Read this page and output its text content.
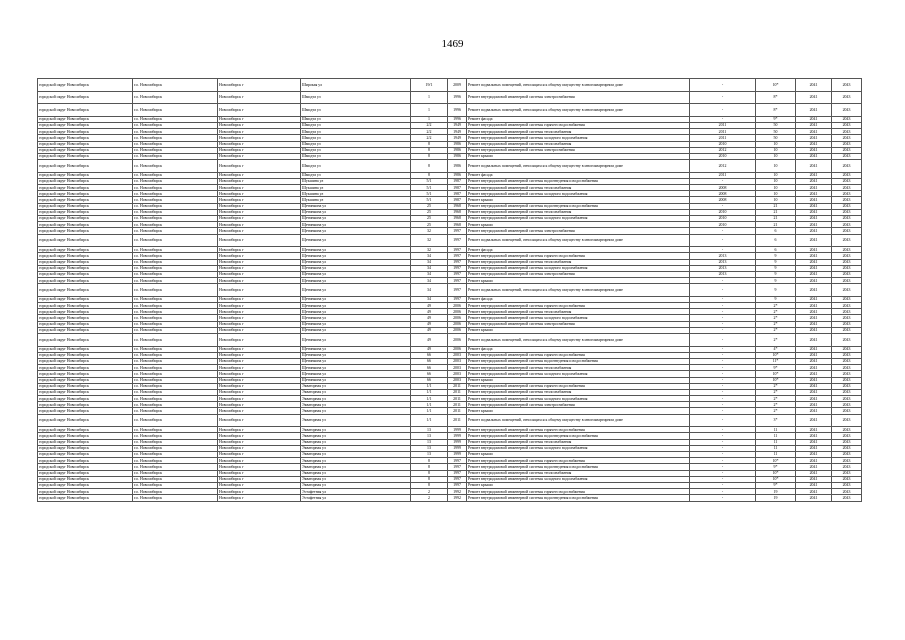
1469
городской округ Новосибирск	г.о. Новосибирск	Новосибирск г	Широкая ул	19/1	2009	Ремонт подвальных помещений, относящихся к общему имуществу в многоквартирном доме	-	10*	2041	2043
городской округ Новосибирск	г.о. Новосибирск	Новосибирск г	Шмидта ул	1	1996	Ремонт внутридомовой инженерной системы электроснабжения	-	8*	2041	2043
городской округ Новосибирск	г.о. Новосибирск	Новосибирск г	Шмидта ул	1	1996	Ремонт подвальных помещений, относящихся к общему имуществу в многоквартирном доме	-	8*	2041	2043
городской округ Новосибирск	г.о. Новосибирск	Новосибирск г	Шмидта ул	1	1996	Ремонт фасада	-	9*	2041	2043
городской округ Новосибирск	г.о. Новосибирск	Новосибирск г	Шмидта ул	2/2	1949	Ремонт внутридомовой инженерной системы горячего водоснабжения	2011	50	2041	2043
городской округ Новосибирск	г.о. Новосибирск	Новосибирск г	Шмидта ул	2/2	1949	Ремонт внутридомовой инженерной системы теплоснабжения	2011	50	2041	2043
городской округ Новосибирск	г.о. Новосибирск	Новосибирск г	Шмидта ул	2/2	1949	Ремонт внутридомовой инженерной системы холодного водоснабжения	2011	50	2041	2043
городской округ Новосибирск	г.о. Новосибирск	Новосибирск г	Шмидта ул	8	1986	Ремонт внутридомовой инженерной системы теплоснабжения	2010	10	2041	2043
городской округ Новосибирск	г.о. Новосибирск	Новосибирск г	Шмидта ул	8	1986	Ремонт внутридомовой инженерной системы электроснабжения	2012	10	2041	2043
городской округ Новосибирск	г.о. Новосибирск	Новосибирск г	Шмидта ул	8	1986	Ремонт крыши	2010	10	2041	2043
городской округ Новосибирск	г.о. Новосибирск	Новосибирск г	Шмидта ул	8	1986	Ремонт подвальных помещений, относящихся к общему имуществу в многоквартирном доме	2012	10	2041	2043
городской округ Новосибирск	г.о. Новосибирск	Новосибирск г	Шмидта ул	8	1986	Ремонт фасада	2011	10	2041	2043
городской округ Новосибирск	г.о. Новосибирск	Новосибирск г	Шукшина ул	5/1	1987	Ремонт внутридомовой инженерной системы водоотведения и водоснабжения	-	10	2041	2043
городской округ Новосибирск	г.о. Новосибирск	Новосибирск г	Шукшина ул	5/1	1987	Ремонт внутридомовой инженерной системы теплоснабжения	2008	10	2041	2043
городской округ Новосибирск	г.о. Новосибирск	Новосибирск г	Шукшина ул	5/1	1987	Ремонт внутридомовой инженерной системы холодного водоснабжения	2008	10	2041	2043
городской округ Новосибирск	г.о. Новосибирск	Новосибирск г	Шукшина ул	5/1	1987	Ремонт крыши	2008	10	2041	2043
городской округ Новосибирск	г.о. Новосибирск	Новосибирск г	Щетинкина ул	25	1968	Ремонт внутридомовой инженерной системы водоотведения и водоснабжения	-	21	2041	2043
городской округ Новосибирск	г.о. Новосибирск	Новосибирск г	Щетинкина ул	25	1968	Ремонт внутридомовой инженерной системы теплоснабжения	2010	21	2041	2043
городской округ Новосибирск	г.о. Новосибирск	Новосибирск г	Щетинкина ул	25	1968	Ремонт внутридомовой инженерной системы холодного водоснабжения	2010	21	2041	2043
городской округ Новосибирск	г.о. Новосибирск	Новосибирск г	Щетинкина ул	25	1968	Ремонт крыши	2010	21	2041	2043
городской округ Новосибирск	г.о. Новосибирск	Новосибирск г	Щетинкина ул	32	1997	Ремонт внутридомовой инженерной системы электроснабжения	-	6	2041	2043
городской округ Новосибирск	г.о. Новосибирск	Новосибирск г	Щетинкина ул	32	1997	Ремонт подвальных помещений, относящихся к общему имуществу в многоквартирном доме	-	6	2041	2043
городской округ Новосибирск	г.о. Новосибирск	Новосибирск г	Щетинкина ул	32	1997	Ремонт фасада	-	6	2041	2043
городской округ Новосибирск	г.о. Новосибирск	Новосибирск г	Щетинкина ул	34	1997	Ремонт внутридомовой инженерной системы горячего водоснабжения	2013	9	2041	2043
городской округ Новосибирск	г.о. Новосибирск	Новосибирск г	Щетинкина ул	34	1997	Ремонт внутридомовой инженерной системы теплоснабжения	2013	9	2041	2043
городской округ Новосибирск	г.о. Новосибирск	Новосибирск г	Щетинкина ул	34	1997	Ремонт внутридомовой инженерной системы холодного водоснабжения	2013	9	2041	2043
городской округ Новосибирск	г.о. Новосибирск	Новосибирск г	Щетинкина ул	34	1997	Ремонт внутридомовой инженерной системы электроснабжения	2013	9	2041	2043
городской округ Новосибирск	г.о. Новосибирск	Новосибирск г	Щетинкина ул	34	1997	Ремонт крыши	-	9	2041	2043
городской округ Новосибирск	г.о. Новосибирск	Новосибирск г	Щетинкина ул	34	1997	Ремонт подвальных помещений, относящихся к общему имуществу в многоквартирном доме	-	9	2041	2043
городской округ Новосибирск	г.о. Новосибирск	Новосибирск г	Щетинкина ул	34	1997	Ремонт фасада	-	9	2041	2043
городской округ Новосибирск	г.о. Новосибирск	Новосибирск г	Щетинкина ул	49	2006	Ремонт внутридомовой инженерной системы горячего водоснабжения	-	2*	2041	2043
городской округ Новосибирск	г.о. Новосибирск	Новосибирск г	Щетинкина ул	49	2006	Ремонт внутридомовой инженерной системы теплоснабжения	-	2*	2041	2043
городской округ Новосибирск	г.о. Новосибирск	Новосибирск г	Щетинкина ул	49	2006	Ремонт внутридомовой инженерной системы холодного водоснабжения	-	2*	2041	2043
городской округ Новосибирск	г.о. Новосибирск	Новосибирск г	Щетинкина ул	49	2006	Ремонт внутридомовой инженерной системы электроснабжения	-	2*	2041	2043
городской округ Новосибирск	г.о. Новосибирск	Новосибирск г	Щетинкина ул	49	2006	Ремонт крыши	-	2*	2041	2043
городской округ Новосибирск	г.о. Новосибирск	Новосибирск г	Щетинкина ул	49	2006	Ремонт подвальных помещений, относящихся к общему имуществу в многоквартирном доме	-	2*	2041	2043
городской округ Новосибирск	г.о. Новосибирск	Новосибирск г	Щетинкина ул	49	2006	Ремонт фасада	-	4*	2041	2043
городской округ Новосибирск	г.о. Новосибирск	Новосибирск г	Щетинкина ул	66	2003	Ремонт внутридомовой инженерной системы горячего водоснабжения	-	10*	2041	2043
городской округ Новосибирск	г.о. Новосибирск	Новосибирск г	Щетинкина ул	66	2003	Ремонт внутридомовой инженерной системы водоотведения и водоснабжения	-	11*	2041	2043
городской округ Новосибирск	г.о. Новосибирск	Новосибирск г	Щетинкина ул	66	2003	Ремонт внутридомовой инженерной системы теплоснабжения	-	9*	2041	2043
городской округ Новосибирск	г.о. Новосибирск	Новосибирск г	Щетинкина ул	66	2003	Ремонт внутридомовой инженерной системы холодного водоснабжения	-	10*	2041	2043
городской округ Новосибирск	г.о. Новосибирск	Новосибирск г	Щетинкина ул	66	2003	Ремонт крыши	-	10*	2041	2043
городской округ Новосибирск	г.о. Новосибирск	Новосибирск г	Экваторная ул	1/1	2011	Ремонт внутридомовой инженерной системы горячего водоснабжения	-	2*	2041	2043
городской округ Новосибирск	г.о. Новосибирск	Новосибирск г	Экваторная ул	1/1	2011	Ремонт внутридомовой инженерной системы теплоснабжения	-	2*	2041	2043
городской округ Новосибирск	г.о. Новосибирск	Новосибирск г	Экваторная ул	1/1	2011	Ремонт внутридомовой инженерной системы холодного водоснабжения	-	2*	2041	2043
городской округ Новосибирск	г.о. Новосибирск	Новосибирск г	Экваторная ул	1/1	2011	Ремонт внутридомовой инженерной системы электроснабжения	-	2*	2041	2043
городской округ Новосибирск	г.о. Новосибирск	Новосибирск г	Экваторная ул	1/1	2011	Ремонт крыши	-	2*	2041	2043
городской округ Новосибирск	г.о. Новосибирск	Новосибирск г	Экваторная ул	1/1	2011	Ремонт подвальных помещений, относящихся к общему имуществу в многоквартирном доме	-	3*	2041	2043
городской округ Новосибирск	г.о. Новосибирск	Новосибирск г	Экваторная ул	13	1999	Ремонт внутридомовой инженерной системы горячего водоснабжения	-	11	2041	2043
городской округ Новосибирск	г.о. Новосибирск	Новосибирск г	Экваторная ул	13	1999	Ремонт внутридомовой инженерной системы водоотведения и водоснабжения	-	11	2041	2043
городской округ Новосибирск	г.о. Новосибирск	Новосибирск г	Экваторная ул	13	1999	Ремонт внутридомовой инженерной системы теплоснабжения	-	11	2041	2043
городской округ Новосибирск	г.о. Новосибирск	Новосибирск г	Экваторная ул	13	1999	Ремонт внутридомовой инженерной системы холодного водоснабжения	-	11	2041	2043
городской округ Новосибирск	г.о. Новосибирск	Новосибирск г	Экваторная ул	13	1999	Ремонт крыши	-	11	2041	2043
городской округ Новосибирск	г.о. Новосибирск	Новосибирск г	Экваторная ул	8	1997	Ремонт внутридомовой инженерной системы горячего водоснабжения	-	10*	2041	2043
городской округ Новосибирск	г.о. Новосибирск	Новосибирск г	Экваторная ул	8	1997	Ремонт внутридомовой инженерной системы водоотведения и водоснабжения	-	9*	2041	2043
городской округ Новосибирск	г.о. Новосибирск	Новосибирск г	Экваторная ул	8	1997	Ремонт внутридомовой инженерной системы теплоснабжения	-	10*	2041	2043
городской округ Новосибирск	г.о. Новосибирск	Новосибирск г	Экваторная ул	8	1997	Ремонт внутридомовой инженерной системы холодного водоснабжения	-	10*	2041	2043
городской округ Новосибирск	г.о. Новосибирск	Новосибирск г	Экваторная ул	8	1997	Ремонт крыши	-	9*	2041	2043
городской округ Новосибирск	г.о. Новосибирск	Новосибирск г	Эстафетная ул	2	1992	Ремонт внутридомовой инженерной системы горячего водоснабжения	-	19	2041	2043
городской округ Новосибирск	г.о. Новосибирск	Новосибирск г	Эстафетная ул	2	1992	Ремонт внутридомовой инженерной системы водоотведения и водоснабжения	-	19	2041	2043
